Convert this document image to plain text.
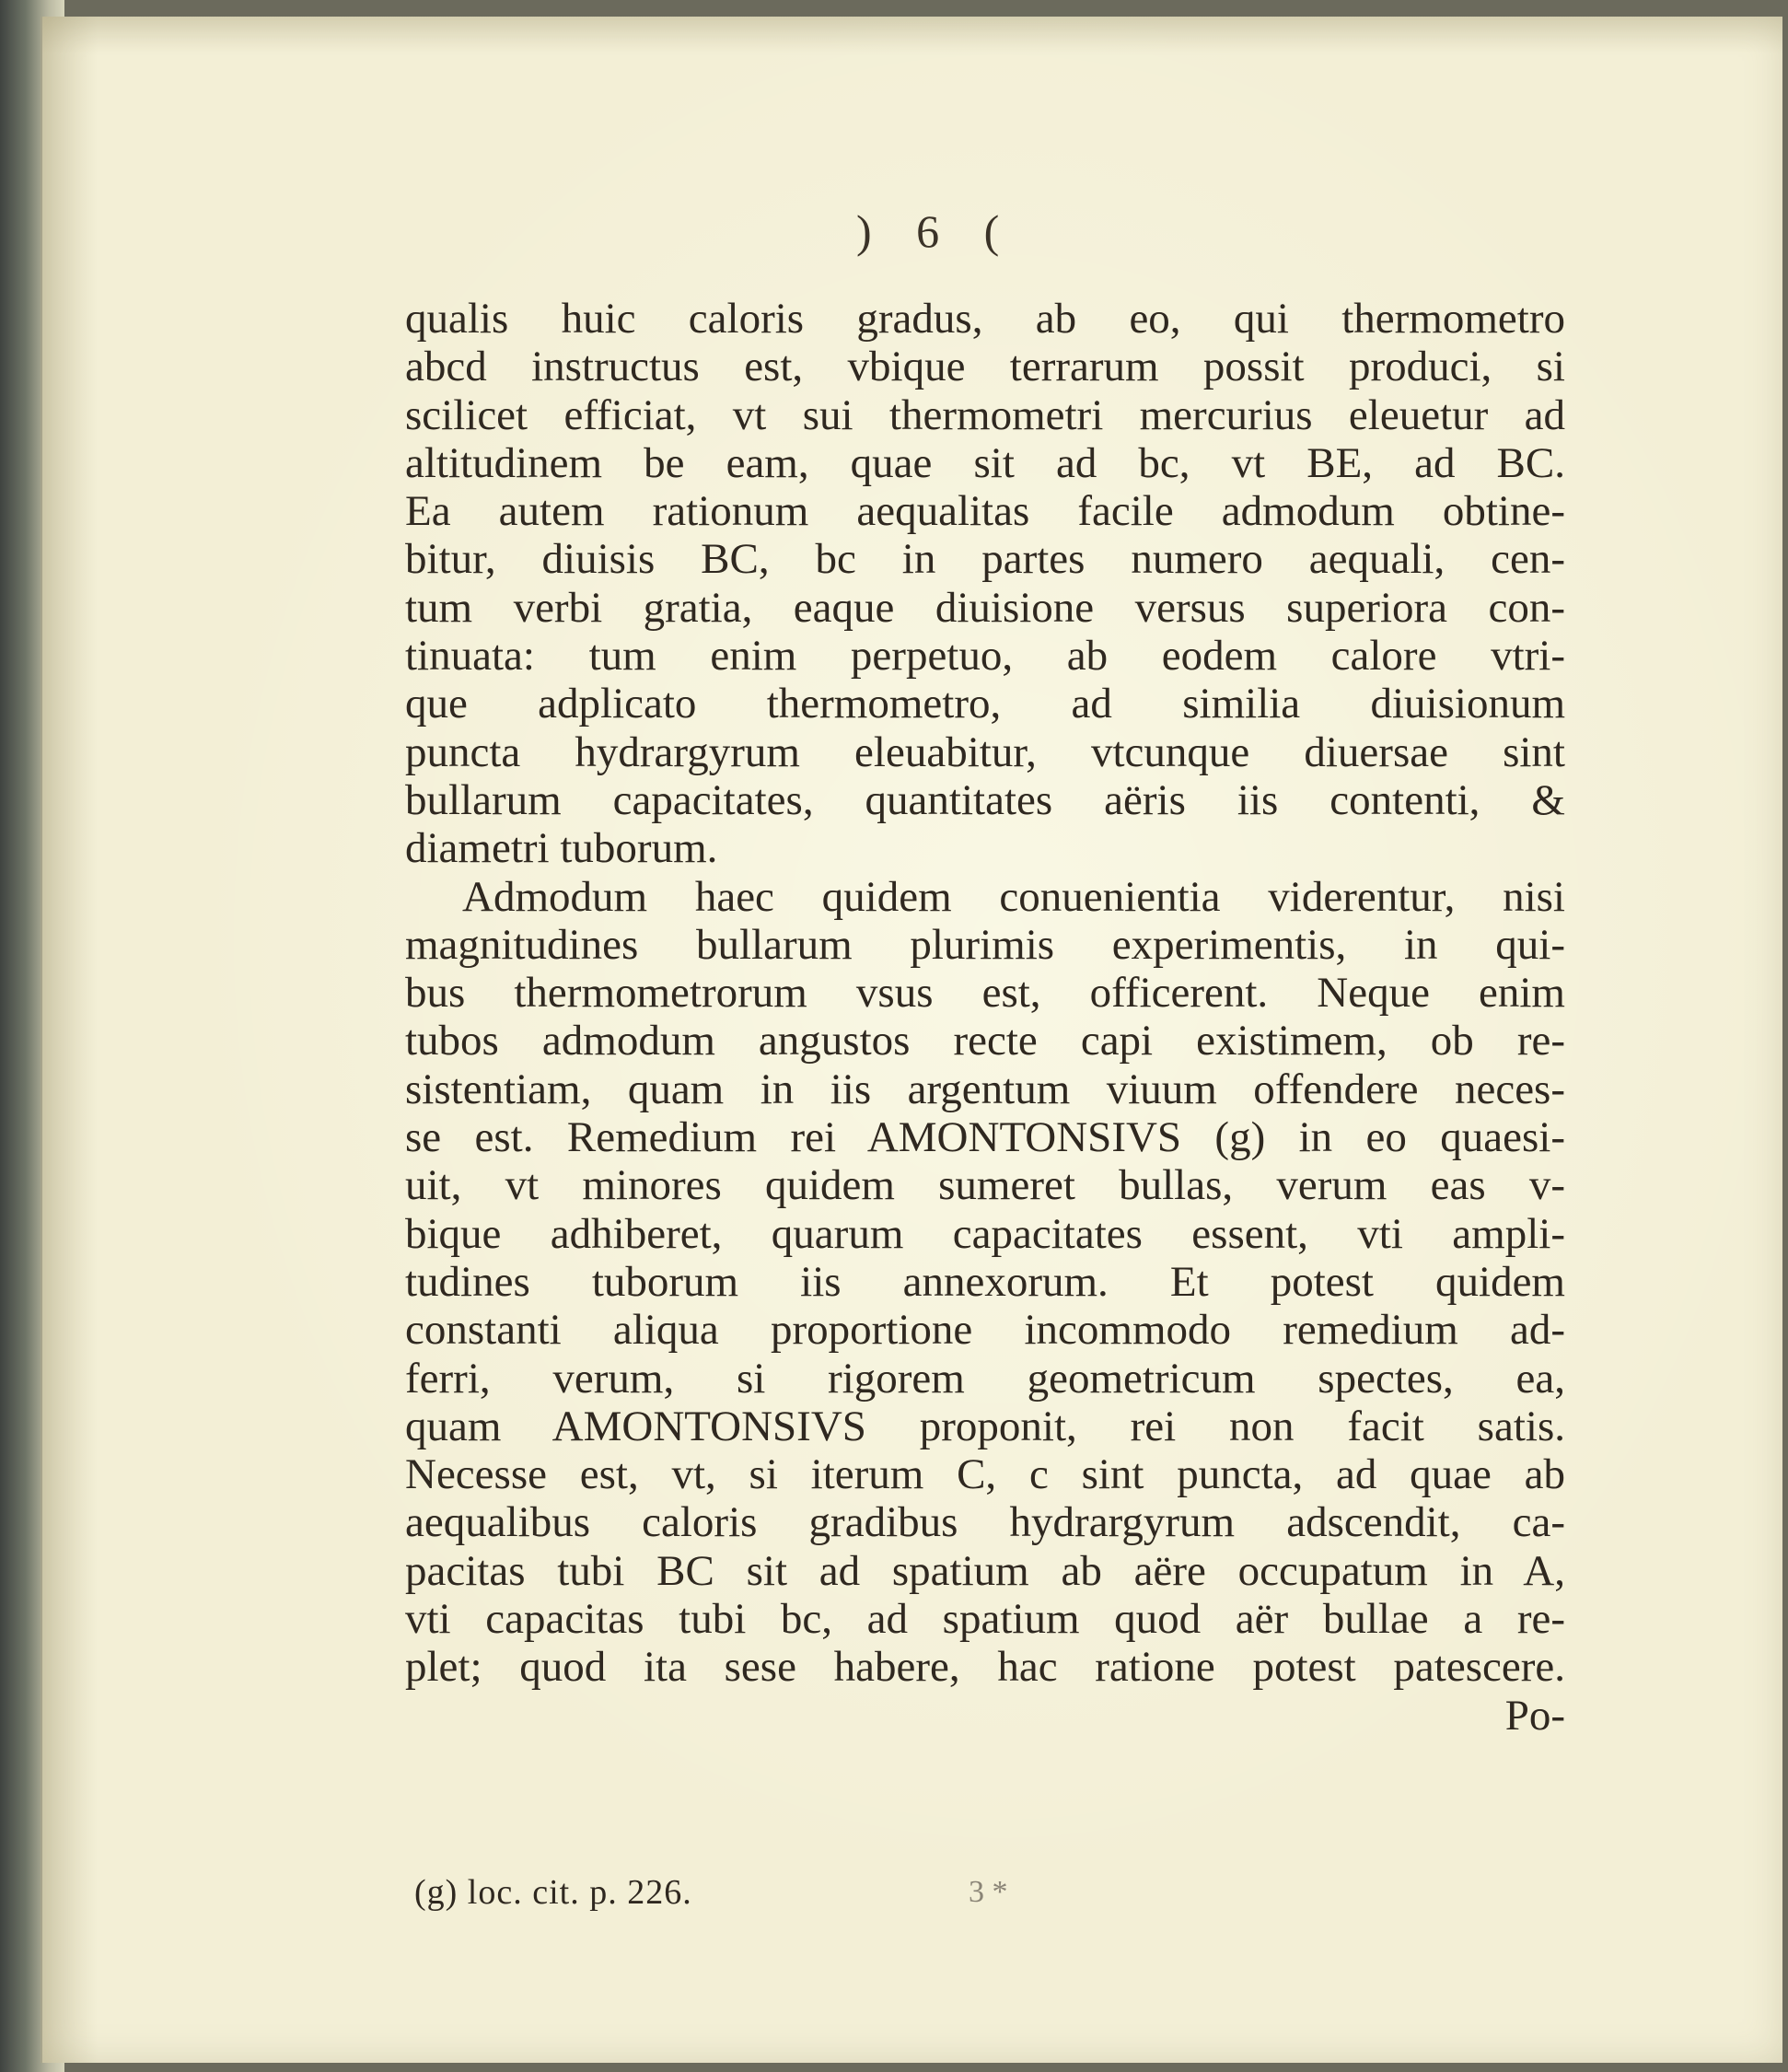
) 6 (
qualis huic caloris gradus, ab eo, qui thermometro
abcd instructus est, vbique terrarum possit produci, si
scilicet efficiat, vt sui thermometri mercurius eleuetur ad
altitudinem be eam, quae sit ad bc, vt BE, ad BC.
Ea autem rationum aequalitas facile admodum obtine-
bitur, diuisis BC, bc in partes numero aequali, cen-
tum verbi gratia, eaque diuisione versus superiora con-
tinuata: tum enim perpetuo, ab eodem calore vtri-
que adplicato thermometro, ad similia diuisionum
puncta hydrargyrum eleuabitur, vtcunque diuersae sint
bullarum capacitates, quantitates aëris iis contenti, &
diametri tuborum.
Admodum haec quidem conuenientia viderentur, nisi
magnitudines bullarum plurimis experimentis, in qui-
bus thermometrorum vsus est, officerent. Neque enim
tubos admodum angustos recte capi existimem, ob re-
sistentiam, quam in iis argentum viuum offendere neces-
se est. Remedium rei AMONTONSIVS (g) in eo quaesi-
uit, vt minores quidem sumeret bullas, verum eas v-
bique adhiberet, quarum capacitates essent, vti ampli-
tudines tuborum iis annexorum. Et potest quidem
constanti aliqua proportione incommodo remedium ad-
ferri, verum, si rigorem geometricum spectes, ea,
quam AMONTONSIVS proponit, rei non facit satis.
Necesse est, vt, si iterum C, c sint puncta, ad quae ab
aequalibus caloris gradibus hydrargyrum adscendit, ca-
pacitas tubi BC sit ad spatium ab aëre occupatum in A,
vti capacitas tubi bc, ad spatium quod aër bullae a re-
plet; quod ita sese habere, hac ratione potest patescere.
Po-
(g) loc. cit. p. 226.	3 *
